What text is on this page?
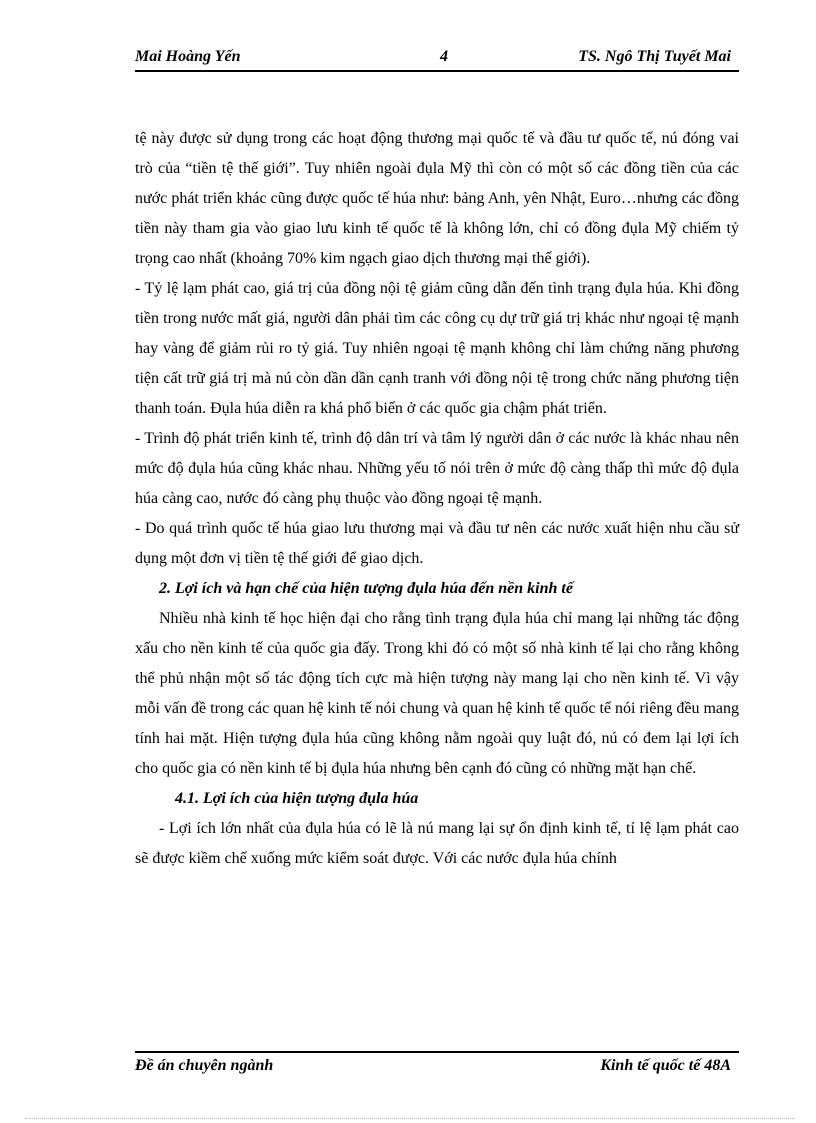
Mai Hoàng Yến	4	TS. Ngô Thị Tuyết Mai

tệ này được sử dụng trong các hoạt động thương mại quốc tế và đầu tư quốc tế, nú đóng vai trò của “tiền tệ thế giới”. Tuy nhiên ngoài đụla Mỹ thì còn có một số các đồng tiền của các nước phát triển khác cũng được quốc tế húa như: bảng Anh, yên Nhật, Euro…nhưng các đồng tiền này tham gia vào giao lưu kinh tế quốc tế là không lớn, chỉ có đồng đụla Mỹ chiếm tỷ trọng cao nhất (khoảng 70% kim ngạch giao dịch thương mại thế giới).

- Tỷ lệ lạm phát cao, giá trị của đồng nội tệ giảm cũng dẫn đến tình trạng đụla húa. Khi đồng tiền trong nước mất giá, người dân phải tìm các công cụ dự trữ giá trị khác như ngoại tệ mạnh hay vàng để giảm rủi ro tỷ giá. Tuy nhiên ngoại tệ mạnh không chỉ làm chứng năng phương tiện cất trữ giá trị mà nú còn dần dần cạnh tranh với đồng nội tệ trong chức năng phương tiện thanh toán. Đụla húa diễn ra khá phổ biến ở các quốc gia chậm phát triển.

- Trình độ phát triển kinh tế, trình độ dân trí và tâm lý người dân ở các nước là khác nhau nên mức độ đụla húa cũng khác nhau. Những yếu tố nói trên ở mức độ càng thấp thì mức độ đụla húa càng cao, nước đó càng phụ thuộc vào đồng ngoại tệ mạnh.

- Do quá trình quốc tế húa giao lưu thương mại và đầu tư nên các nước xuất hiện nhu cầu sử dụng một đơn vị tiền tệ thế giới để giao dịch.

2. Lợi ích và hạn chế của hiện tượng đụla húa đến nền kinh tế

Nhiều nhà kinh tế học hiện đại cho rằng tình trạng đụla húa chỉ mang lại những tác động xấu cho nền kinh tế của quốc gia đấy. Trong khi đó có một số nhà kinh tế lại cho rằng không thể phủ nhận một số tác động tích cực mà hiện tượng này mang lại cho nền kinh tế. Vì vậy mỗi vấn đề trong các quan hệ kinh tế nói chung và quan hệ kinh tế quốc tế nói riêng đều mang tính hai mặt. Hiện tượng đụla húa cũng không nằm ngoài quy luật đó, nú có đem lại lợi ích cho quốc gia có nền kinh tế bị đụla húa nhưng bên cạnh đó cũng có những mặt hạn chế.

4.1. Lợi ích của hiện tượng đụla húa

- Lợi ích lớn nhất của đụla húa có lẽ là nú mang lại sự ổn định kinh tế, tỉ lệ lạm phát cao sẽ được kiềm chế xuống mức kiểm soát được. Với các nước đụla húa chính

Đề án chuyên ngành	Kinh tế quốc tế 48A
